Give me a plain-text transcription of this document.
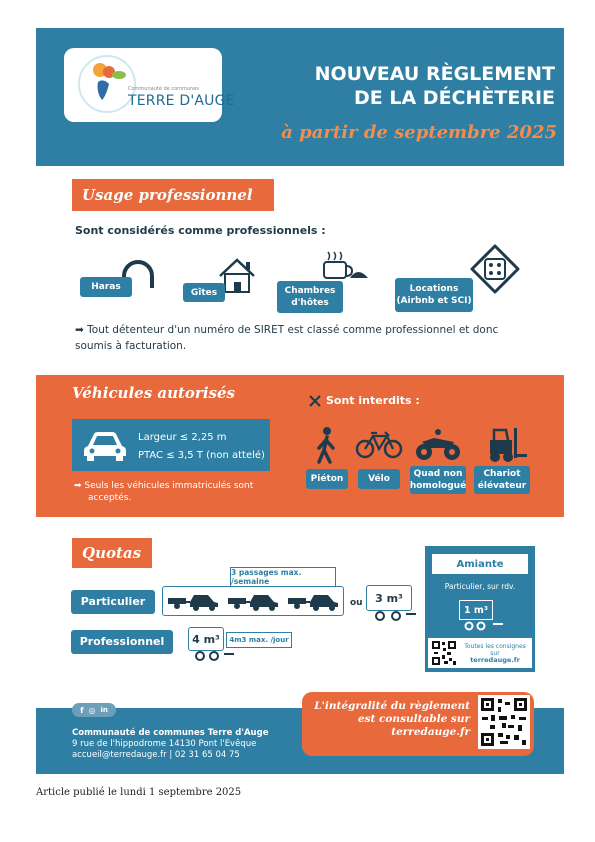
Communauté de communes
TERRE D'AUGE
NOUVEAU RÈGLEMENT
DE LA DÉCHÈTERIE
à partir de septembre 2025
Usage professionnel
Sont considérés comme professionnels :
Haras
Gîtes	Chambres d'hôtes
Locations (Airbnb et SCI)
➡ Tout détenteur d'un numéro de SIRET est classé comme professionnel et donc
soumis à facturation.
Véhicules autorisés
Largeur ≤ 2,25 m
PTAC ≤ 3,5 T (non attelé)
➡ Seuls les véhicules immatriculés sont
acceptés.
Sont interdits :
Piéton	Vélo	Quad non homologué
Chariot élévateur
Quotas
Particulier
Professionnel
3 passages max. /semaine
ou	3 m³
4 m³	4m3 max. /jour
Amiante
Particulier, sur rdv.
1 m³
Toutes les consignes
sur
terredauge.fr
f ◎ in
Communauté de communes Terre d'Auge
9 rue de l'hippodrome 14130 Pont l'Evêque
accueil@terredauge.fr | 02 31 65 04 75
L'intégralité du règlement
est consultable sur
terredauge.fr
Article publié le lundi 1 septembre 2025
